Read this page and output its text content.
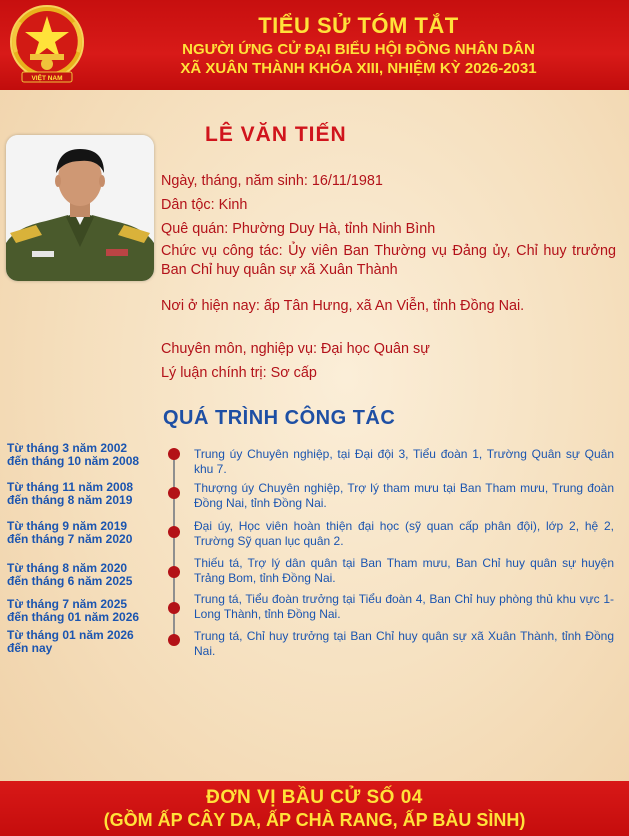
VIỆT NAM
TIỂU SỬ TÓM TẮT
NGƯỜI ỨNG CỬ ĐẠI BIỂU HỘI ĐỒNG NHÂN DÂN
XÃ XUÂN THÀNH KHÓA XIII, NHIỆM KỲ 2026-2031
LÊ VĂN TIẾN
Ngày, tháng, năm sinh: 16/11/1981
Dân tộc: Kinh
Quê quán: Phường Duy Hà, tỉnh Ninh Bình
Chức vụ công tác: Ủy viên Ban Thường vụ Đảng ủy, Chỉ huy trưởng Ban Chỉ huy quân sự xã Xuân Thành
Nơi ở hiện nay: ấp Tân Hưng, xã An Viễn, tỉnh Đồng Nai.
Chuyên môn, nghiệp vụ: Đại học Quân sự
Lý luận chính trị: Sơ cấp
QUÁ TRÌNH CÔNG TÁC
Từ tháng 3 năm 2002
đến tháng 10 năm 2008	Trung úy Chuyên nghiệp, tại Đại đội 3, Tiểu đoàn 1, Trường Quân sự Quân khu 7.
Từ tháng 11 năm 2008
đến tháng 8 năm 2019
Thượng úy Chuyên nghiệp, Trợ lý tham mưu tại Ban Tham mưu, Trung đoàn Đồng Nai, tỉnh Đồng Nai.
Từ tháng 9 năm 2019
đến tháng 7 năm 2020
Đại úy, Học viên hoàn thiện đại học (sỹ quan cấp phân đội), lớp 2, hệ 2, Trường Sỹ quan lục quân 2.
Từ tháng 8 năm 2020
đến tháng 6 năm 2025
Thiếu tá, Trợ lý dân quân tại Ban Tham mưu, Ban Chỉ huy quân sự huyện Trảng Bom, tỉnh Đồng Nai.
Từ tháng 7 năm 2025
đến tháng 01 năm 2026
Trung tá, Tiểu đoàn trưởng tại Tiểu đoàn 4, Ban Chỉ huy phòng thủ khu vực 1- Long Thành, tỉnh Đồng Nai.
Từ tháng 01 năm 2026
đến nay
Trung tá, Chỉ huy trưởng tại Ban Chỉ huy quân sự xã Xuân Thành, tỉnh Đồng Nai.
ĐƠN VỊ BẦU CỬ SỐ 04
(GỒM ẤP CÂY DA, ẤP CHÀ RANG, ẤP BÀU SÌNH)
